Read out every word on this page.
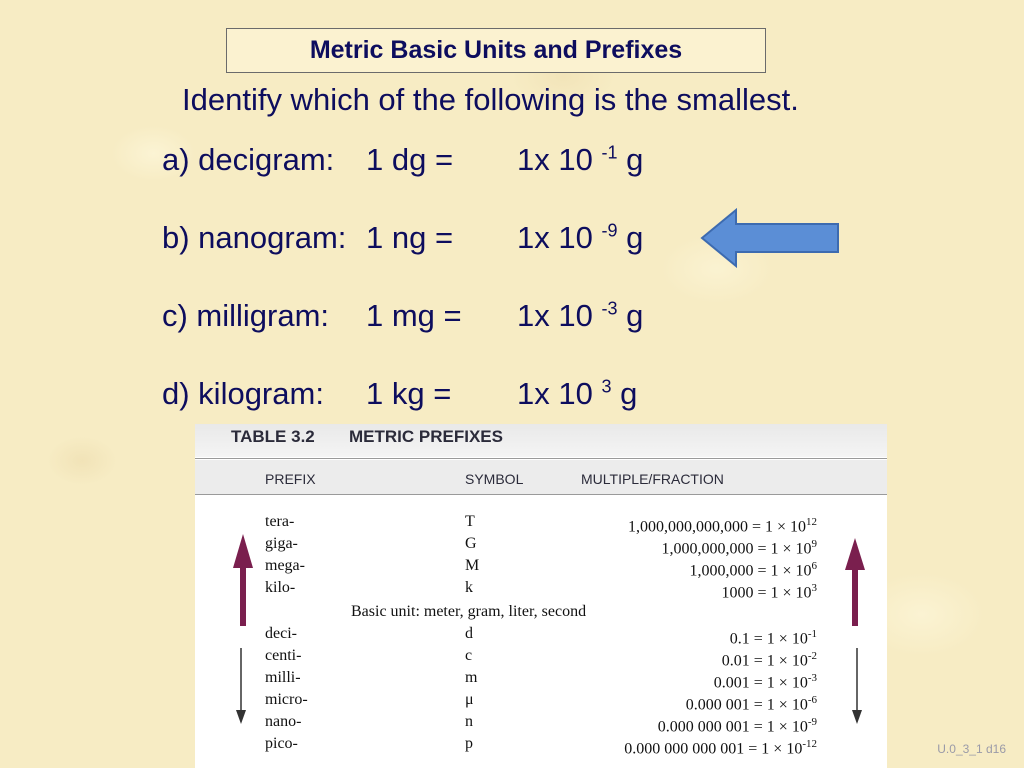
Metric Basic Units and Prefixes
Identify which of the following is the smallest.
a) decigram: 1 dg = 1x 10 $^{-1}$ g
b) nanogram: 1 ng = 1x 10 $^{-9}$ g
c) milligram: 1 mg = 1x 10 $^{-3}$ g
d) kilogram: 1 kg = 1x 10 $^3$ g
TABLE 3.2 METRIC PREFIXES
PREFIX	SYMBOL	MULTIPLE/FRACTION
tera-	T	$1,000,000,000,000 = 1 \times 10^{12}$
giga-	G	$1,000,000,000 = 1 \times 10^9$
mega-	M	$1,000,000 = 1 \times 10^6$
kilo-	k	$1000 = 1 \times 10^3$
Basic unit: meter, gram, liter, second
deci-	d	$0.1 = 1 \times 10^{-1}$
centi-	c	$0.01 = 1 \times 10^{-2}$
milli-	m	$0.001 = 1 \times 10^{-3}$
micro-	μ	0.000 $001 = 1 \times 10^{-6}$
nano-	n	0.000 000 $001 = 1 \times 10^{-9}$
pico-	p	0.000 000 000 $001 = 1 \times 10^{-12}$	U.0_3_1 d16
